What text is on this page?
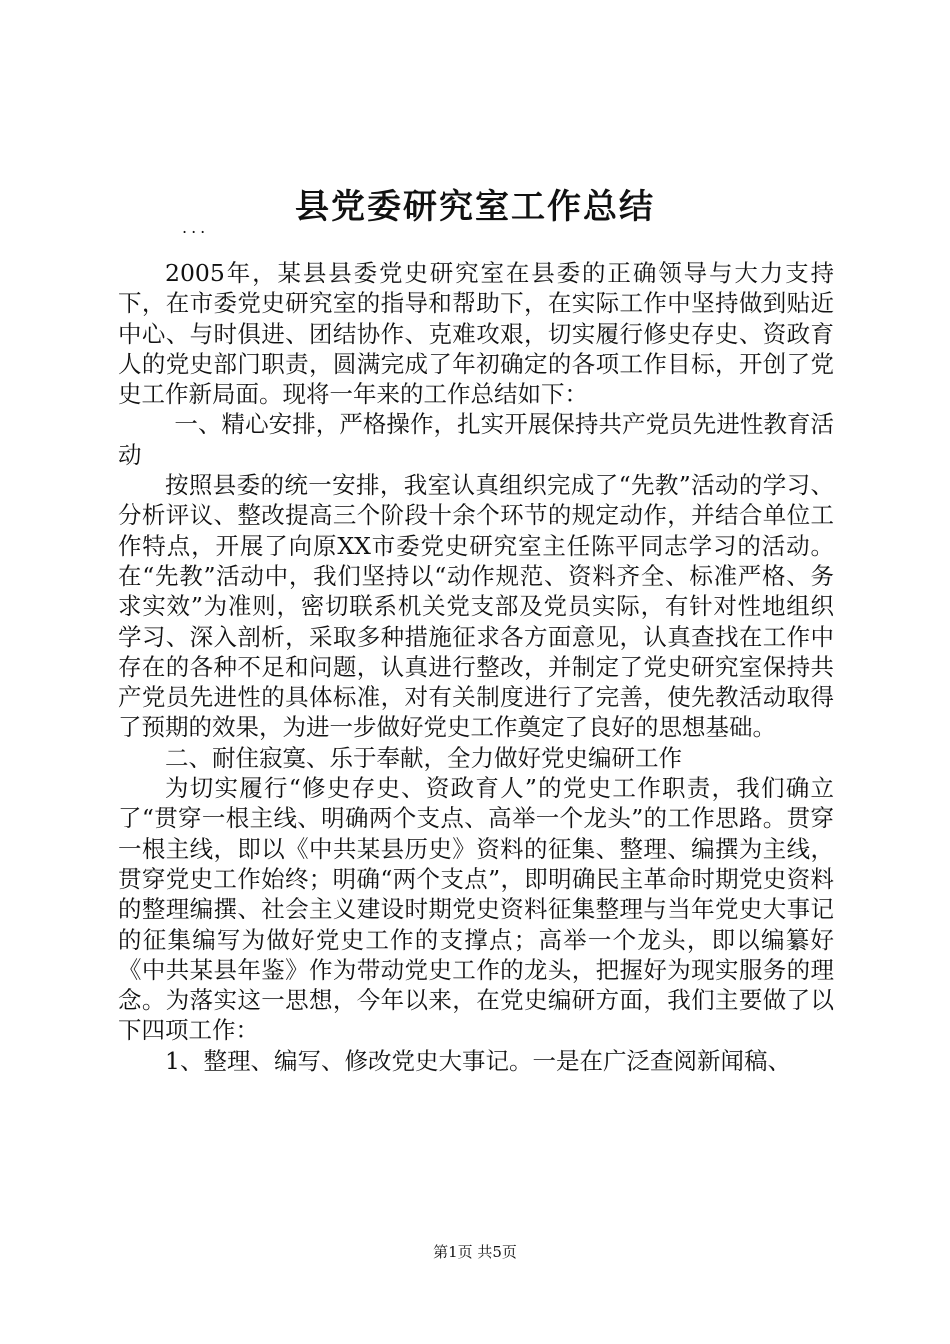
县党委研究室工作总结
...

2005年，某县县委党史研究室在县委的正确领导与大力支持下，在市委党史研究室的指导和帮助下，在实际工作中坚持做到贴近中心、与时俱进、团结协作、克难攻艰，切实履行修史存史、资政育人的党史部门职责，圆满完成了年初确定的各项工作目标，开创了党史工作新局面。现将一年来的工作总结如下：

一、精心安排，严格操作，扎实开展保持共产党员先进性教育活动

按照县委的统一安排，我室认真组织完成了“先教”活动的学习、分析评议、整改提高三个阶段十余个环节的规定动作，并结合单位工作特点，开展了向原XX市委党史研究室主任陈平同志学习的活动。在“先教”活动中，我们坚持以“动作规范、资料齐全、标准严格、务求实效”为准则，密切联系机关党支部及党员实际，有针对性地组织学习、深入剖析，采取多种措施征求各方面意见，认真查找在工作中存在的各种不足和问题，认真进行整改，并制定了党史研究室保持共产党员先进性的具体标准，对有关制度进行了完善，使先教活动取得了预期的效果，为进一步做好党史工作奠定了良好的思想基础。

二、耐住寂寞、乐于奉献，全力做好党史编研工作

为切实履行“修史存史、资政育人”的党史工作职责，我们确立了“贯穿一根主线、明确两个支点、高举一个龙头”的工作思路。贯穿一根主线，即以《中共某县历史》资料的征集、整理、编撰为主线，贯穿党史工作始终；明确“两个支点”，即明确民主革命时期党史资料的整理编撰、社会主义建设时期党史资料征集整理与当年党史大事记的征集编写为做好党史工作的支撑点；高举一个龙头，即以编纂好《中共某县年鉴》作为带动党史工作的龙头，把握好为现实服务的理念。为落实这一思想，今年以来，在党史编研方面，我们主要做了以下四项工作：

1、整理、编写、修改党史大事记。一是在广泛查阅新闻稿、

第1页 共5页
